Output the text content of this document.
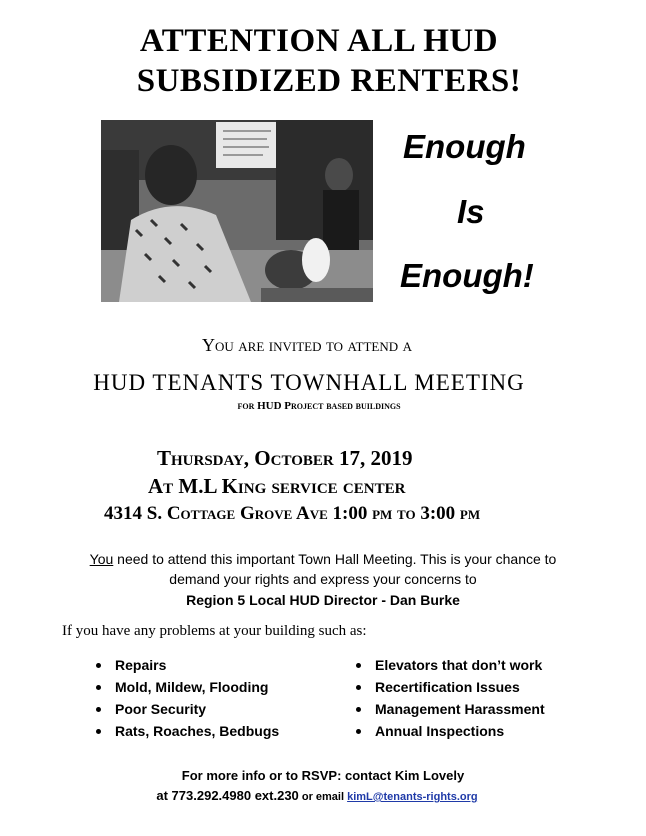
ATTENTION ALL HUD
SUBSIDIZED RENTERS!
Enough
Is
Enough!
You are invited to attend a
HUD TENANTS TOWNHALL MEETING
for HUD Project based buildings
Thursday, October 17, 2019
At M.L King service center
4314 S. Cottage Grove Ave 1:00 pm to 3:00 pm
You need to attend this important Town Hall Meeting. This is your chance to
demand your rights and express your concerns to
Region 5 Local HUD Director - Dan Burke
If you have any problems at your building such as:
Repairs
Mold, Mildew, Flooding
Poor Security
Rats, Roaches, Bedbugs
Elevators that don’t work
Recertification Issues
Management Harassment
Annual Inspections
For more info or to RSVP: contact Kim Lovely
at 773.292.4980 ext.230 or email kimL@tenants-rights.org
